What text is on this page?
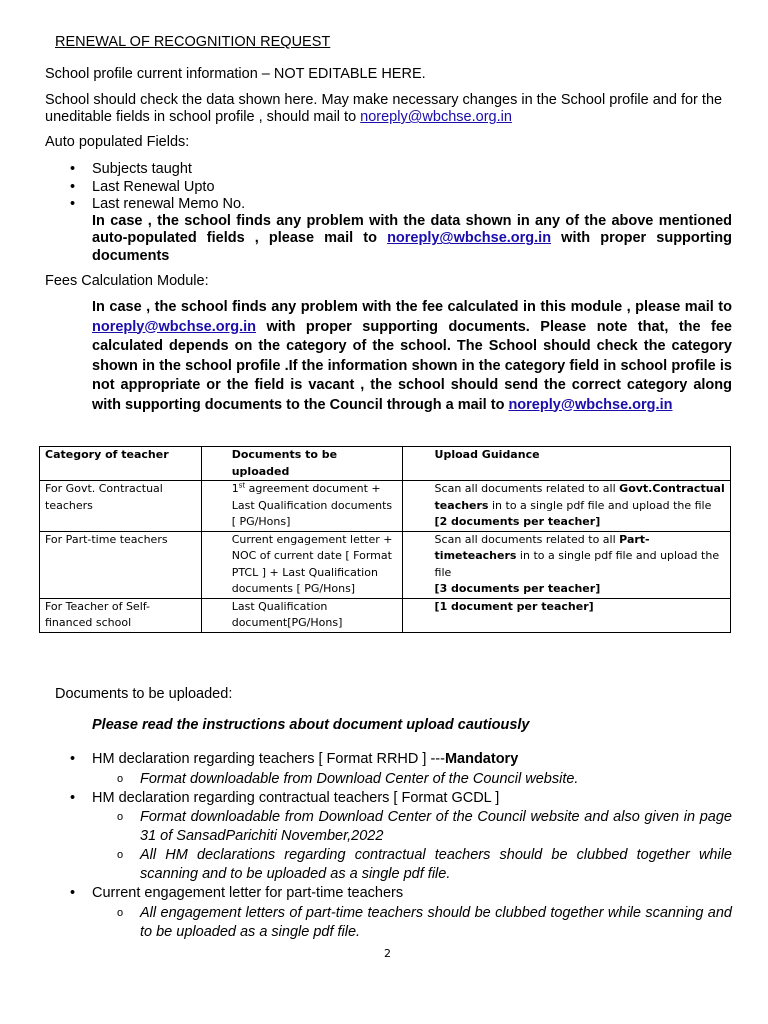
RENEWAL OF RECOGNITION REQUEST
School profile current information – NOT EDITABLE HERE.
School should check the data shown here. May make necessary changes in the School profile and for the uneditable fields in school profile , should mail to noreply@wbchse.org.in
Auto populated Fields:
• Subjects taught
• Last Renewal Upto
• Last renewal Memo No.
In case , the school finds any problem with the data shown in any of the above mentioned auto-populated fields , please mail to noreply@wbchse.org.in with proper supporting documents
Fees Calculation Module:
In case , the school finds any problem with the fee calculated in this module , please mail to noreply@wbchse.org.in with proper supporting documents. Please note that, the fee calculated depends on the category of the school. The School should check the category shown in the school profile .If the information shown in the category field in school profile is not appropriate or the field is vacant , the school should send the correct category along with supporting documents to the Council through a mail to noreply@wbchse.org.in
Category of teacher	Documents to be uploaded	Upload Guidance
For Govt. Contractual teachers	1st agreement document + Last Qualification documents [ PG/Hons]	Scan all documents related to all Govt.Contractual teachers in to a single pdf file and upload the file
[2 documents per teacher]
For Part-time teachers	Current engagement letter + NOC of current date [ Format PTCL ] + Last Qualification documents [ PG/Hons]	Scan all documents related to all Part-timeteachers in to a single pdf file and upload the file
[3 documents per teacher]
For Teacher of Self-financed school	Last Qualification document[PG/Hons]	[1 document per teacher]
Documents to be uploaded:
Please read the instructions about document upload cautiously
• HM declaration regarding teachers [ Format RRHD ] ---Mandatory
o Format downloadable from Download Center of the Council website.
• HM declaration regarding contractual teachers [ Format GCDL ]
o Format downloadable from Download Center of the Council website and also given in page 31 of SansadParichiti November,2022
o All HM declarations regarding contractual teachers should be clubbed together while scanning and to be uploaded as a single pdf file.
• Current engagement letter for part-time teachers
o All engagement letters of part-time teachers should be clubbed together while scanning and to be uploaded as a single pdf file.
2
